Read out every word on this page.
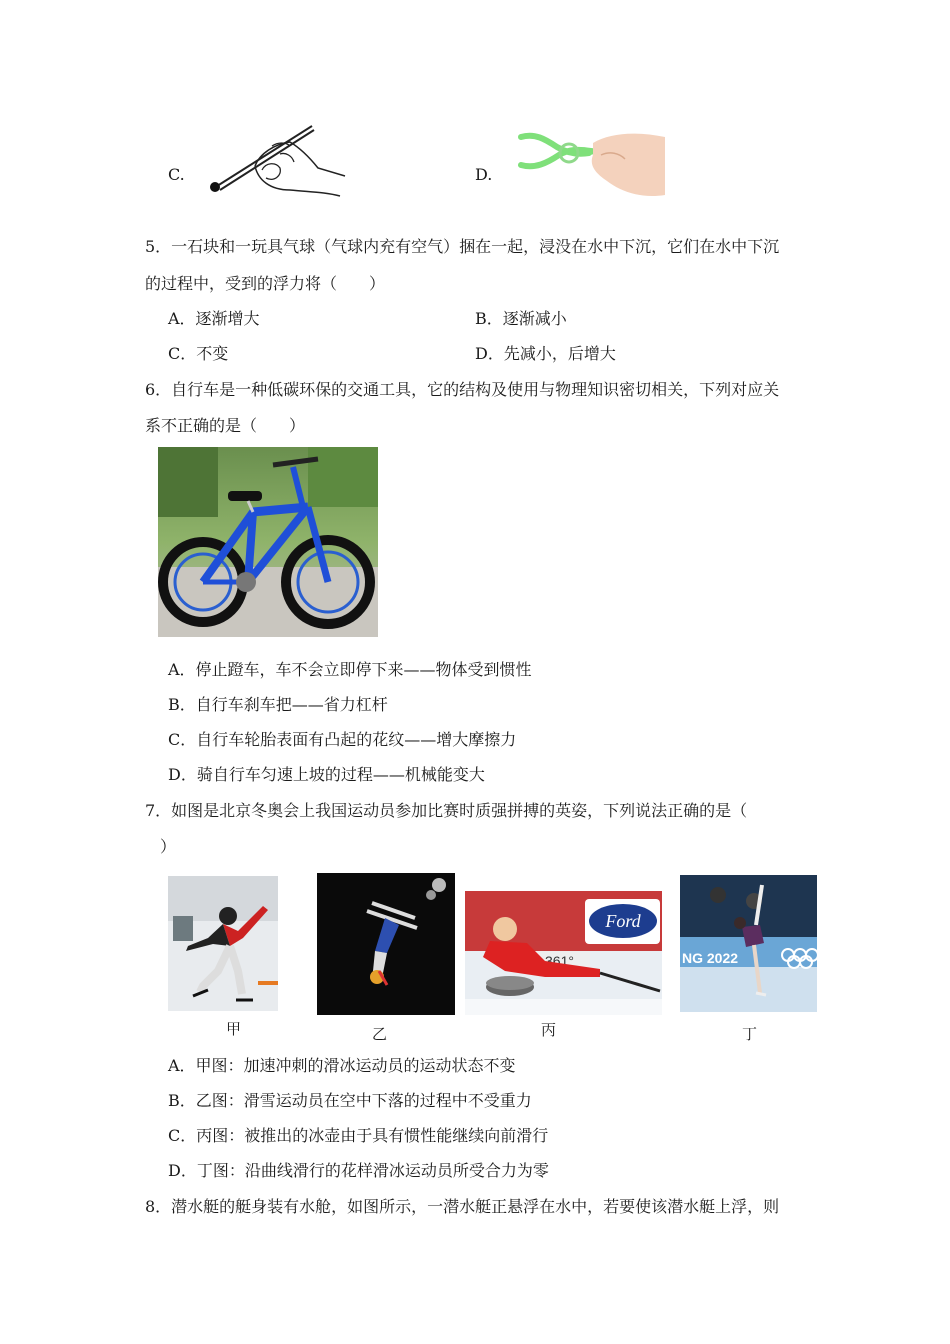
C.	D.
5．一石块和一玩具气球（气球内充有空气）捆在一起，浸没在水中下沉，它们在水中下沉
的过程中，受到的浮力将（　　）
A．逐渐增大	B．逐渐减小
C．不变	D．先减小，后增大
6．自行车是一种低碳环保的交通工具，它的结构及使用与物理知识密切相关，下列对应关
系不正确的是（　　）
A．停止蹬车，车不会立即停下来——物体受到惯性
B．自行车刹车把——省力杠杆
C．自行车轮胎表面有凸起的花纹——增大摩擦力
D．骑自行车匀速上坡的过程——机械能变大
7．如图是北京冬奥会上我国运动员参加比赛时质强拼搏的英姿，下列说法正确的是（
）
甲	乙
Ford
361°
丙
NG 2022
丁
A．甲图：加速冲刺的滑冰运动员的运动状态不变
B．乙图：滑雪运动员在空中下落的过程中不受重力
C．丙图：被推出的冰壶由于具有惯性能继续向前滑行
D．丁图：沿曲线滑行的花样滑冰运动员所受合力为零
8．潜水艇的艇身装有水舱，如图所示，一潜水艇正悬浮在水中，若要使该潜水艇上浮，则
